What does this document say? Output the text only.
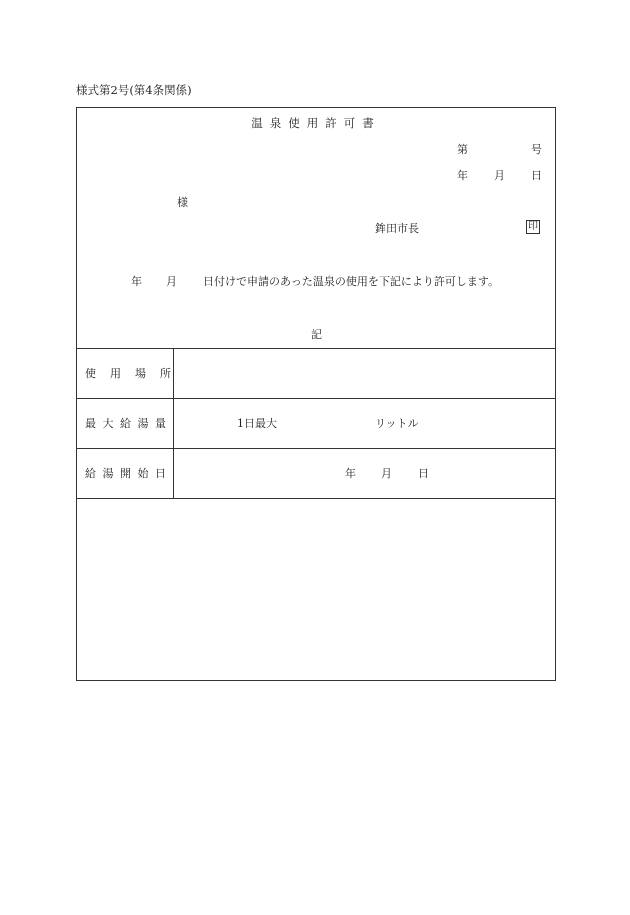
様式第2号(第4条関係)
温泉使用許可書
第	号
年 月 日
様
鉾田市長	印
年 月 日付けで申請のあった温泉の使用を下記により許可します。
記
使用場所
最大給湯量	1日最大	リットル
給湯開始日	年 月 日
